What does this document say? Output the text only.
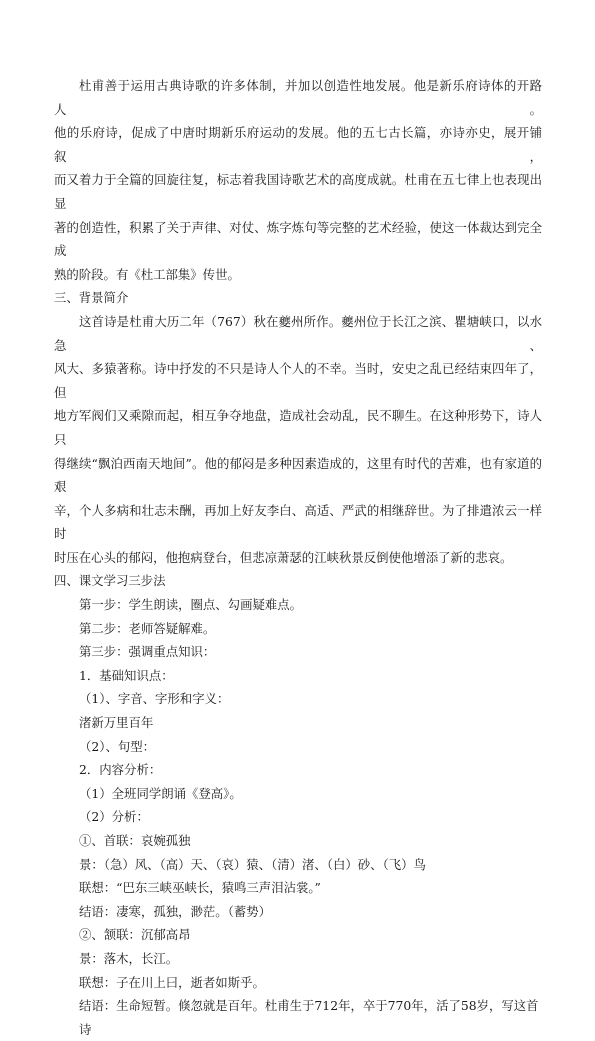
杜甫善于运用古典诗歌的许多体制，并加以创造性地发展。他是新乐府诗体的开路人。

他的乐府诗，促成了中唐时期新乐府运动的发展。他的五七古长篇，亦诗亦史，展开铺叙，

而又着力于全篇的回旋往复，标志着我国诗歌艺术的高度成就。杜甫在五七律上也表现出显

著的创造性，积累了关于声律、对仗、炼字炼句等完整的艺术经验，使这一体裁达到完全成

熟的阶段。有《杜工部集》传世。

三、背景简介

这首诗是杜甫大历二年（767）秋在夔州所作。夔州位于长江之滨、瞿塘峡口，以水急、

风大、多猿著称。诗中抒发的不只是诗人个人的不幸。当时，安史之乱已经结束四年了，但

地方军阀们又乘隙而起，相互争夺地盘，造成社会动乱，民不聊生。在这种形势下，诗人只

得继续“飘泊西南天地间”。他的郁闷是多种因素造成的，这里有时代的苦难，也有家道的艰

辛，个人多病和壮志未酬，再加上好友李白、高适、严武的相继辞世。为了排遣浓云一样时

时压在心头的郁闷，他抱病登台，但悲凉萧瑟的江峡秋景反倒使他增添了新的悲哀。

四、课文学习三步法

第一步：学生朗读，圈点、勾画疑难点。

第二步：老师答疑解难。

第三步：强调重点知识：

1．基础知识点：

（1）、字音、字形和字义：

渚新万里百年

（2）、句型：

2．内容分析：

（1）全班同学朗诵《登高》。

（2）分析：

①、首联：哀婉孤独

景：（急）风、（高）天、（哀）猿、（清）渚、（白）砂、（飞）鸟

联想：“巴东三峡巫峡长，猿鸣三声泪沾裳。”

结语：凄寒，孤独，渺茫。（蓄势）

②、颔联：沉郁高昂

景：落木，长江。

联想：子在川上曰，逝者如斯乎。

结语：生命短暂。倏忽就是百年。杜甫生于712年，卒于770年，活了58岁，写这首诗
